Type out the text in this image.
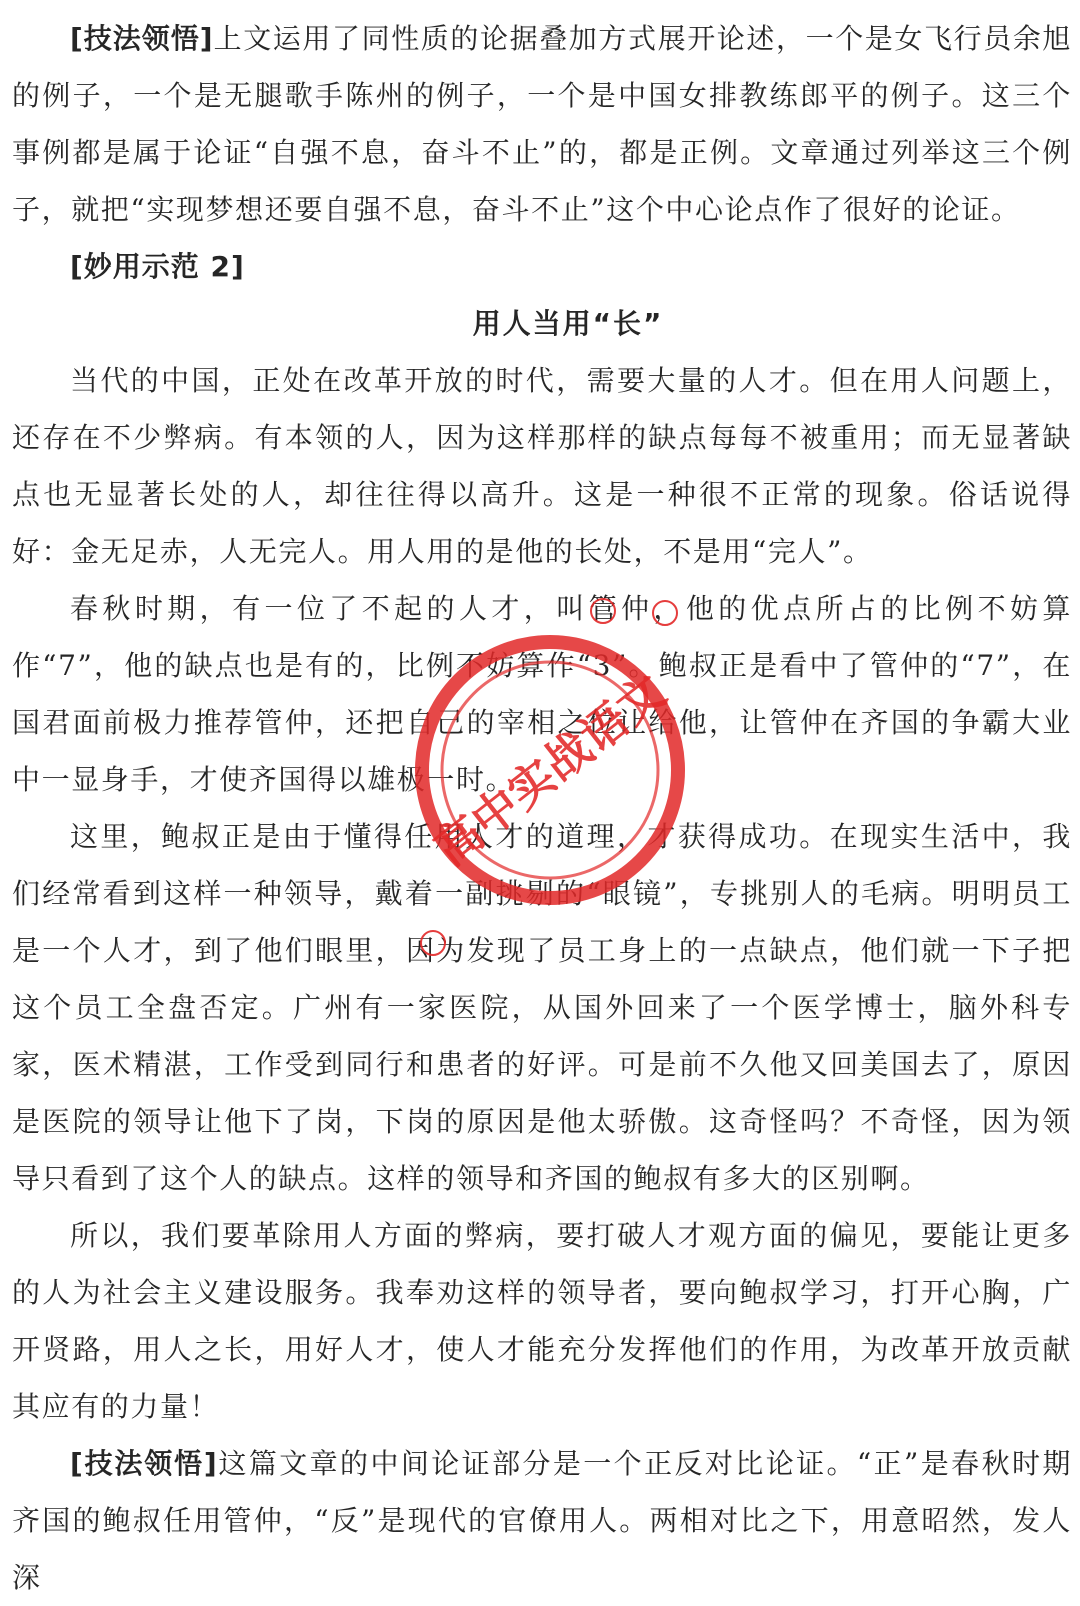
[技法领悟]上文运用了同性质的论据叠加方式展开论述，一个是女飞行员余旭的例子，一个是无腿歌手陈州的例子，一个是中国女排教练郎平的例子。这三个事例都是属于论证“自强不息，奋斗不止”的，都是正例。文章通过列举这三个例子，就把“实现梦想还要自强不息，奋斗不止”这个中心论点作了很好的论证。

[妙用示范 2]

用人当用“长”

当代的中国，正处在改革开放的时代，需要大量的人才。但在用人问题上，还存在不少弊病。有本领的人，因为这样那样的缺点每每不被重用；而无显著缺点也无显著长处的人，却往往得以高升。这是一种很不正常的现象。俗话说得好：金无足赤，人无完人。用人用的是他的长处，不是用“完人”。

春秋时期，有一位了不起的人才，叫管仲，他的优点所占的比例不妨算作“7”，他的缺点也是有的，比例不妨算作“3”。鲍叔正是看中了管仲的“7”，在国君面前极力推荐管仲，还把自己的宰相之位让给他，让管仲在齐国的争霸大业中一显身手，才使齐国得以雄极一时。

这里，鲍叔正是由于懂得任用人才的道理，才获得成功。在现实生活中，我们经常看到这样一种领导，戴着一副挑剔的“眼镜”，专挑别人的毛病。明明员工是一个人才，到了他们眼里，因为发现了员工身上的一点缺点，他们就一下子把这个员工全盘否定。广州有一家医院，从国外回来了一个医学博士，脑外科专家，医术精湛，工作受到同行和患者的好评。可是前不久他又回美国去了，原因是医院的领导让他下了岗，下岗的原因是他太骄傲。这奇怪吗？不奇怪，因为领导只看到了这个人的缺点。这样的领导和齐国的鲍叔有多大的区别啊。

所以，我们要革除用人方面的弊病，要打破人才观方面的偏见，要能让更多的人为社会主义建设服务。我奉劝这样的领导者，要向鲍叔学习，打开心胸，广开贤路，用人之长，用好人才，使人才能充分发挥他们的作用，为改革开放贡献其应有的力量！

[技法领悟]这篇文章的中间论证部分是一个正反对比论证。“正”是春秋时期齐国的鲍叔任用管仲，“反”是现代的官僚用人。两相对比之下，用意昭然，发人深

高中实战语文
